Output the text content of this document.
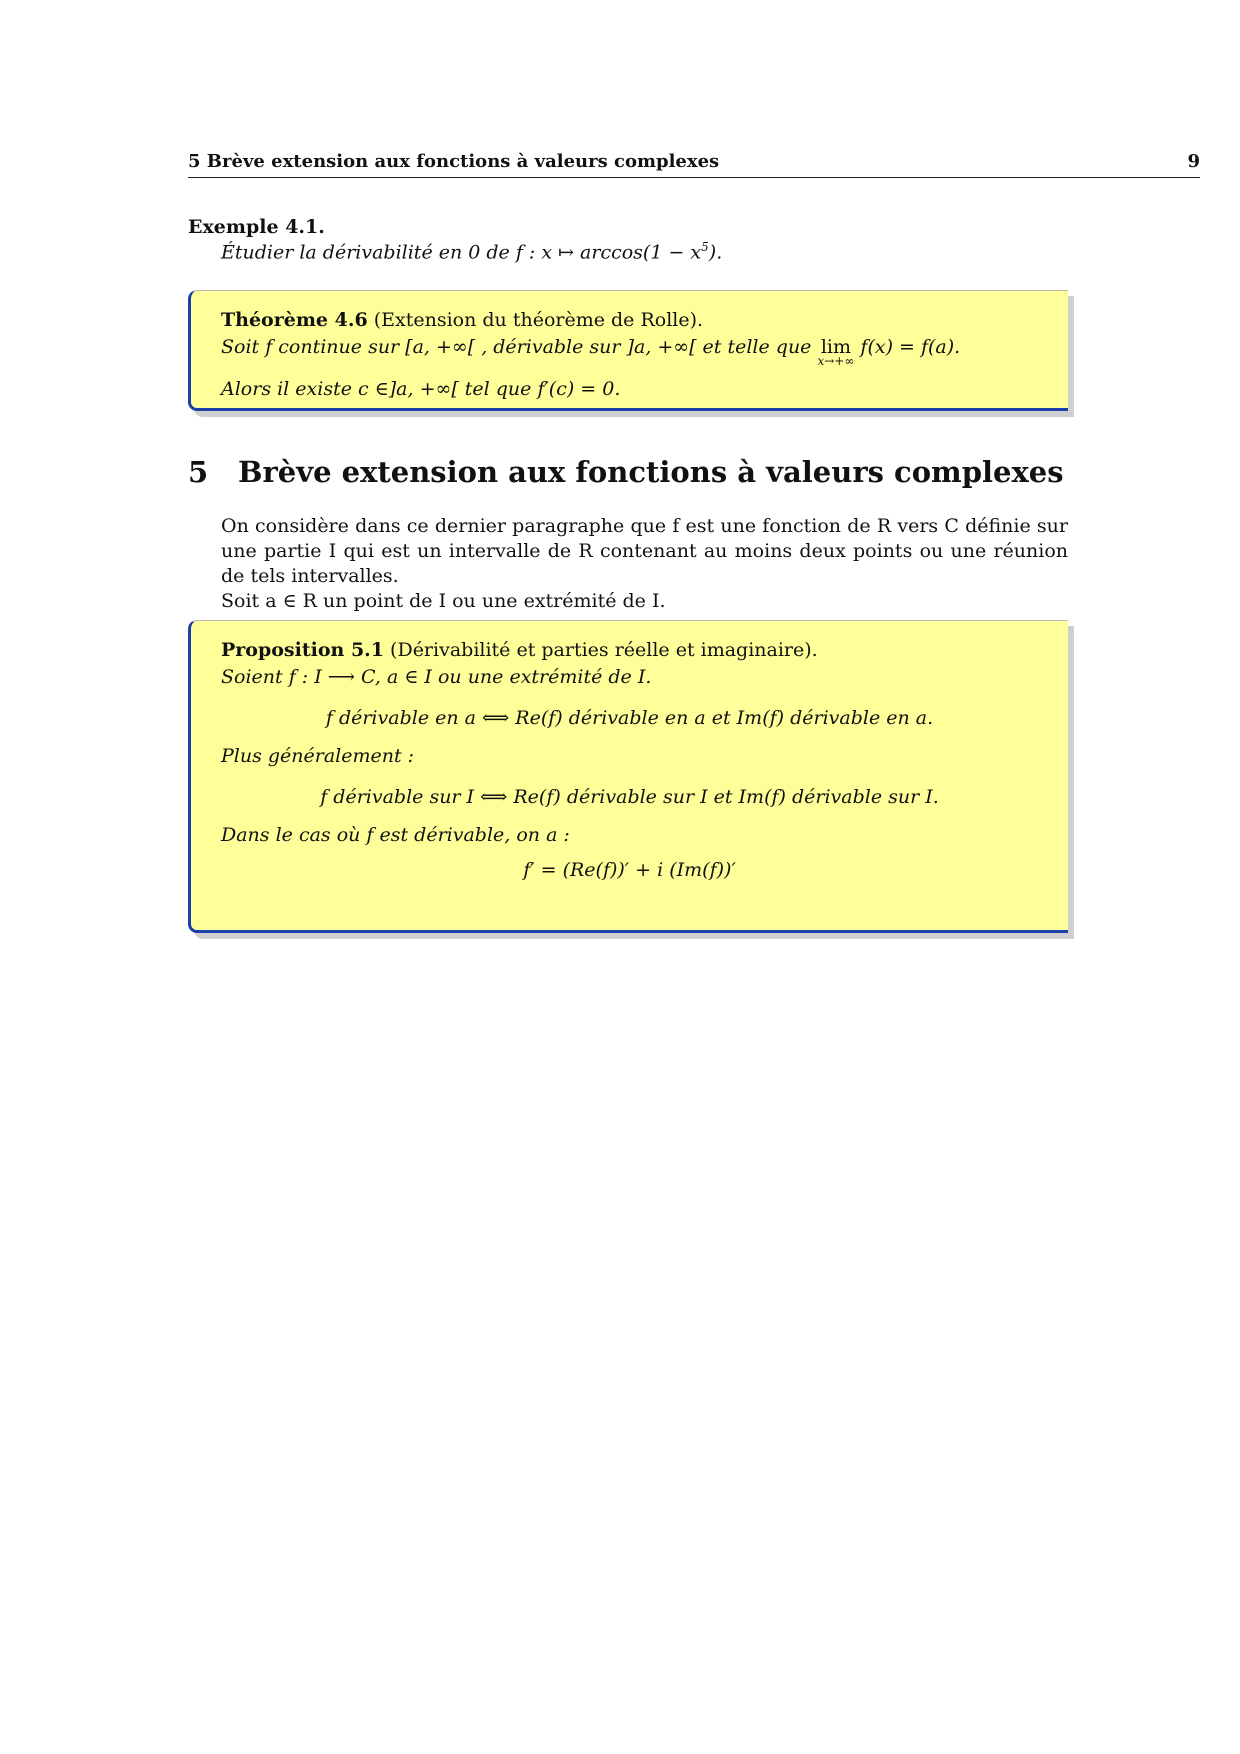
5 Brève extension aux fonctions à valeurs complexes	9
Exemple 4.1.
Étudier la dérivabilité en 0 de f : x ↦ $\arccos(1 - x^5)$.
Théorème 4.6 (Extension du théorème de Rolle).
Soit f continue sur [a, +∞[ , dérivable sur ]a, +∞[ et telle que lim
x→+∞
f(x) = f(a).
Alors il existe c ∈]a, +∞[ tel que f′(c) = 0.
5 Brève extension aux fonctions à valeurs complexes
On considère dans ce dernier paragraphe que f est une fonction de R vers C définie sur une partie I qui est un intervalle de R contenant au moins deux points ou une réunion de tels intervalles.
Soit a ∈ R un point de I ou une extrémité de I.
Proposition 5.1 (Dérivabilité et parties réelle et imaginaire).
Soient f : I ⟶ C, a ∈ I ou une extrémité de I.
f dérivable en a ⟺ Re(f) dérivable en a et Im(f) dérivable en a.
Plus généralement :
f dérivable sur I ⟺ Re(f) dérivable sur I et Im(f) dérivable sur I.
Dans le cas où f est dérivable, on a :
f′ = (Re(f))′ + i (Im(f))′
